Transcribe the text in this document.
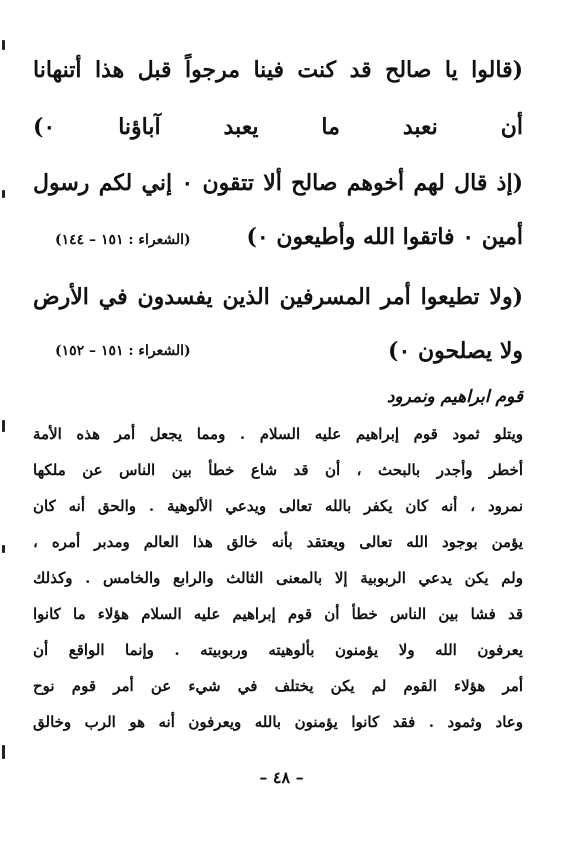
(قالوا يا صالح قد كنت فينا مرجواً قبل هذا أتنهانا
أن نعبد ما يعبد آباؤنا ٠)
(إذ قال لهم أخوهم صالح ألا تتقون ٠ إني لكم رسول
أمين ٠ فاتقوا الله وأطيعون ٠)
(الشعراء : ١٥١ – ١٤٤)
(ولا تطيعوا أمر المسرفين الذين يفسدون في الأرض
ولا يصلحون ٠)
(الشعراء : ١٥١ – ١٥٢)
قوم ابراهيم ونمرود
ويتلو ثمود قوم إبراهيم عليه السلام . ومما يجعل أمر هذه الأمة
أخطر وأجدر بالبحث ، أن قد شاع خطأ بين الناس عن ملكها
نمرود ، أنه كان يكفر بالله تعالى ويدعي الألوهية . والحق أنه كان
يؤمن بوجود الله تعالى ويعتقد بأنه خالق هذا العالم ومدبر أمره ،
ولم يكن يدعي الربوبية إلا بالمعنى الثالث والرابع والخامس . وكذلك
قد فشا بين الناس خطأ أن قوم إبراهيم عليه السلام هؤلاء ما كانوا
يعرفون الله ولا يؤمنون بألوهيته وربوبيته . وإنما الواقع أن
أمر هؤلاء القوم لم يكن يختلف في شيء عن أمر قوم نوح
وعاد وثمود . فقد كانوا يؤمنون بالله ويعرفون أنه هو الرب وخالق
– ٤٨ –
